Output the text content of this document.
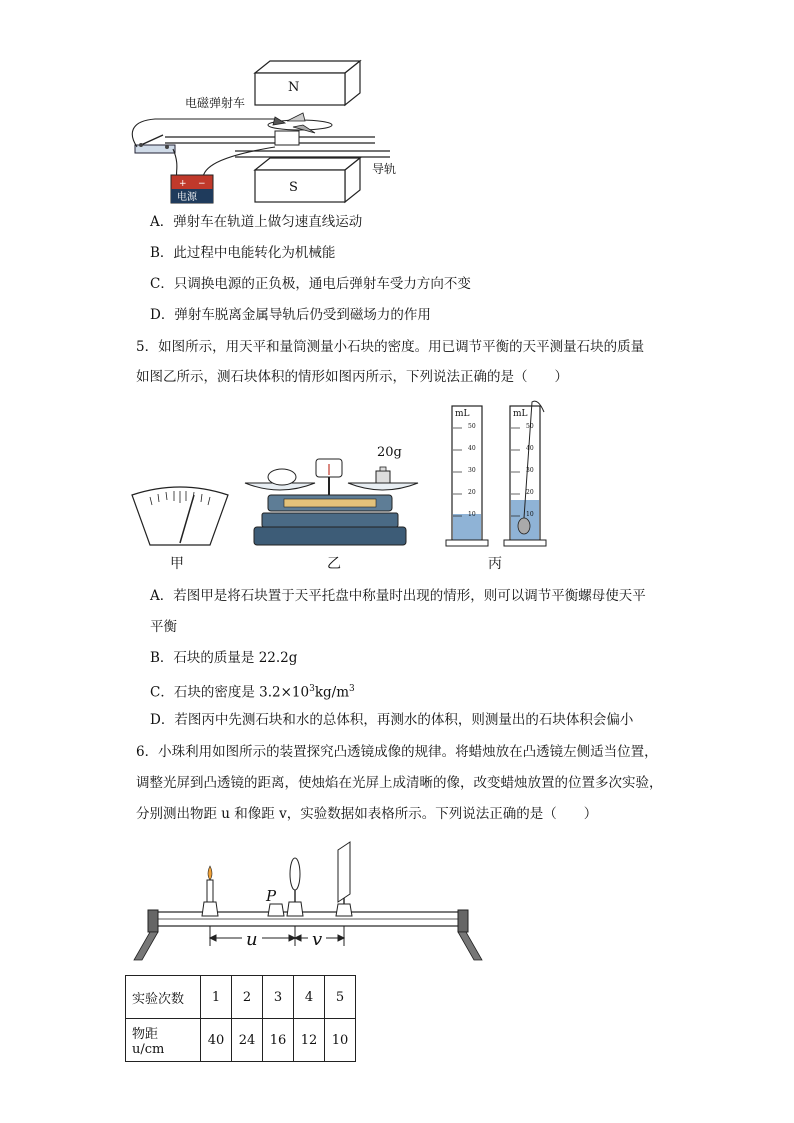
+ −
N
S
电磁弹射车
导轨
电源
A．弹射车在轨道上做匀速直线运动
B．此过程中电能转化为机械能
C．只调换电源的正负极，通电后弹射车受力方向不变
D．弹射车脱离金属导轨后仍受到磁场力的作用
5．如图所示，用天平和量筒测量小石块的密度。用已调节平衡的天平测量石块的质量
如图乙所示，测石块体积的情形如图丙所示，下列说法正确的是（　　）
甲
20g
乙
mL	mL
50
40
30
20
10
50
40
30
20
10
丙
A．若图甲是将石块置于天平托盘中称量时出现的情形，则可以调节平衡螺母使天平
平衡
B．石块的质量是 22.2g
C．石块的密度是 $3.2\times 10^3kg/m^3$
D．若图丙中先测石块和水的总体积，再测水的体积，则测量出的石块体积会偏小
6．小珠利用如图所示的装置探究凸透镜成像的规律。将蜡烛放在凸透镜左侧适当位置，
调整光屏到凸透镜的距离，使烛焰在光屏上成清晰的像，改变蜡烛放置的位置多次实验，
分别测出物距 u 和像距 v，实验数据如表格所示。下列说法正确的是（　　）
P
u	v
实验次数	1	2	3	4	5
物距 u/cm	40	24	16	12	10
